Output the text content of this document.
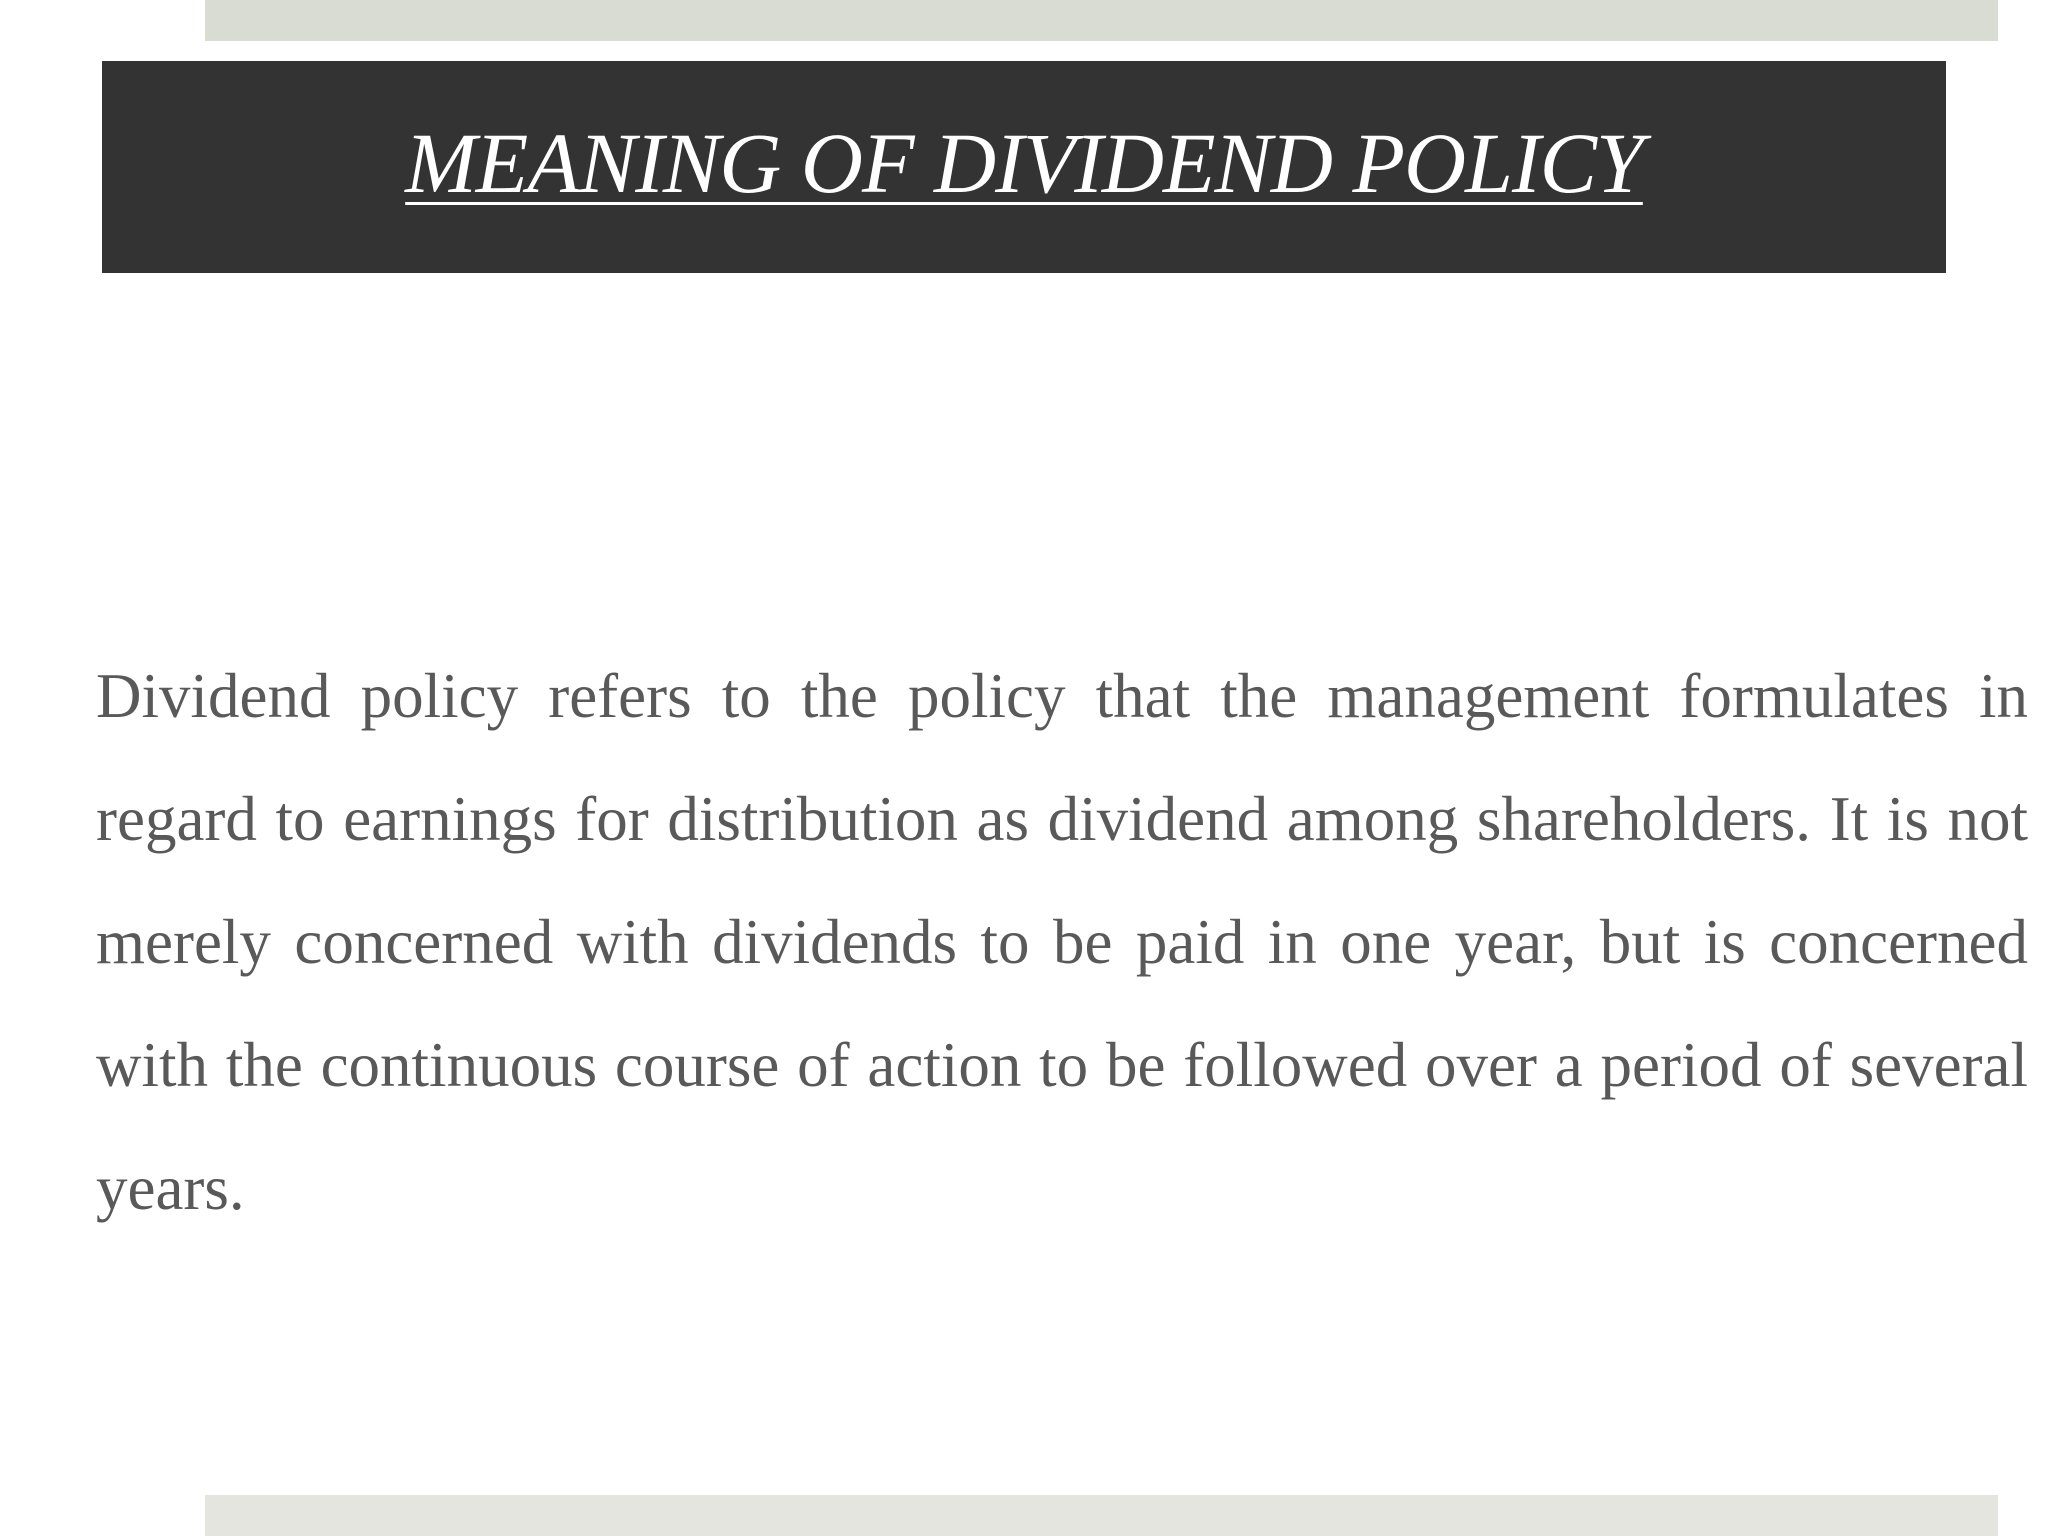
MEANING OF DIVIDEND POLICY

Dividend policy refers to the policy that the management formulates in regard to earnings for distribution as dividend among shareholders. It is not merely concerned with dividends to be paid in one year, but is concerned with the continuous course of action to be followed over a period of several years.
